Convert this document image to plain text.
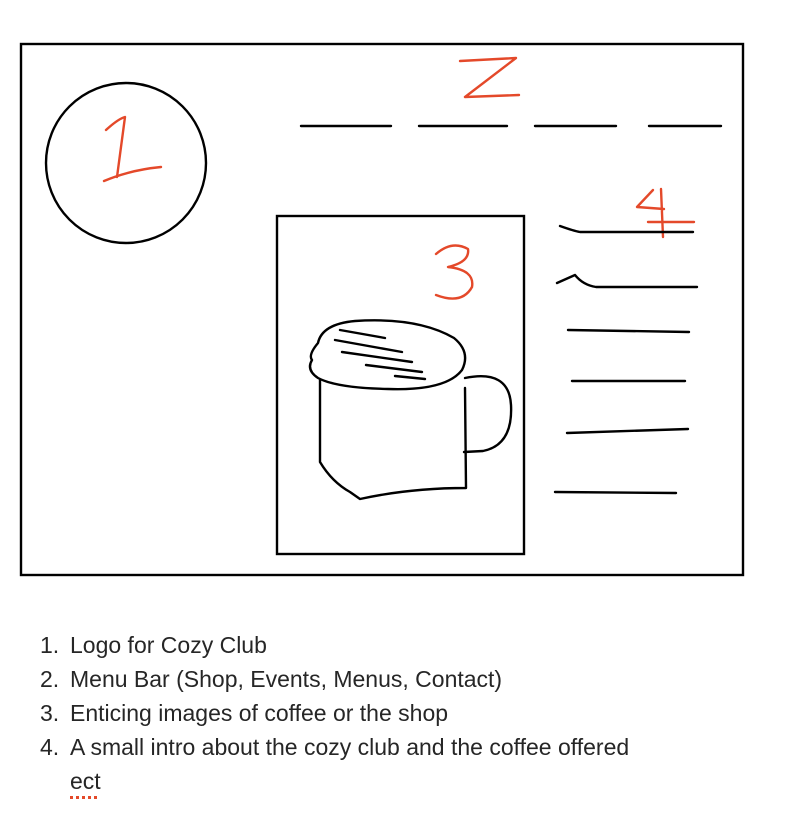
1. Logo for Cozy Club
2. Menu Bar (Shop, Events, Menus, Contact)
3. Enticing images of coffee or the shop
4. A small intro about the cozy club and the coffee offered
ect
